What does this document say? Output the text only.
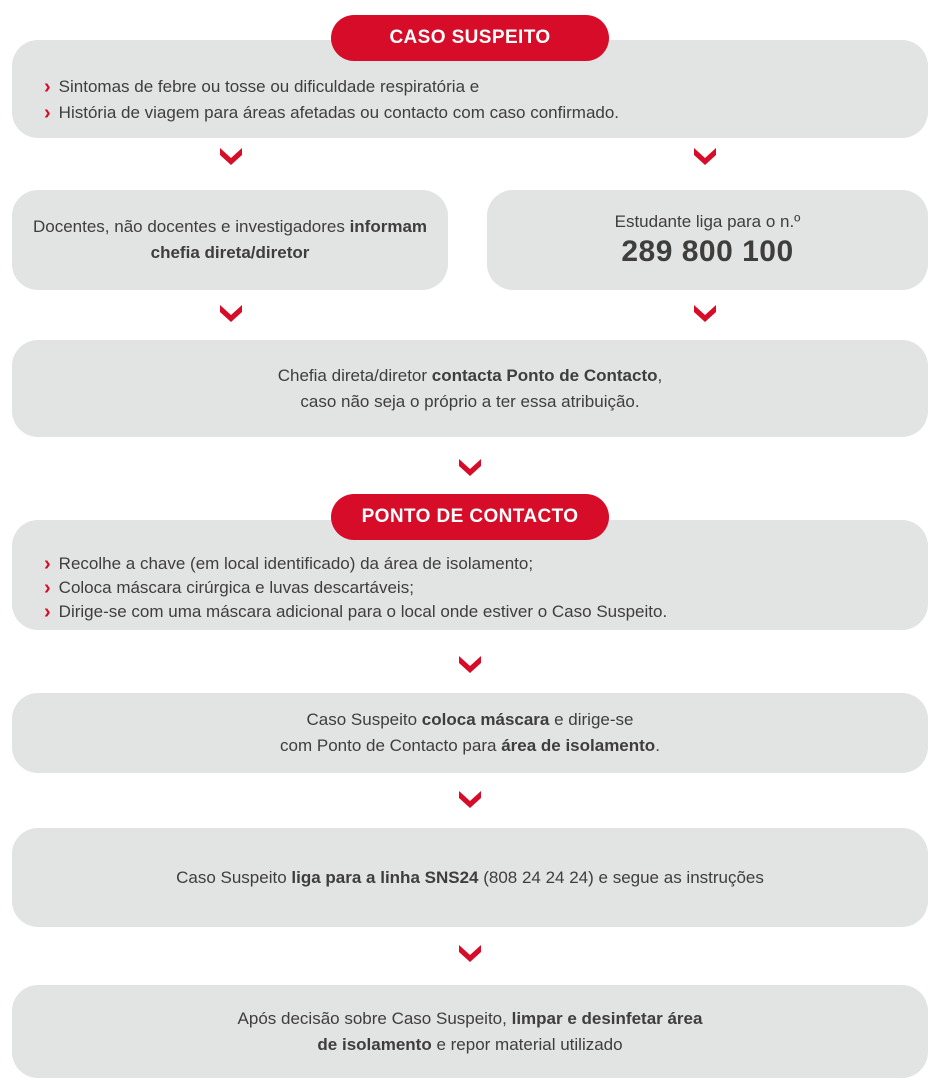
CASO SUSPEITO
› Sintomas de febre ou tosse ou dificuldade respiratória e
› História de viagem para áreas afetadas ou contacto com caso confirmado.
Docentes, não docentes e investigadores informam
chefia direta/diretor
Estudante liga para o n.º
289 800 100
Chefia direta/diretor contacta Ponto de Contacto,
caso não seja o próprio a ter essa atribuição.
PONTO DE CONTACTO
› Recolhe a chave (em local identificado) da área de isolamento;
› Coloca máscara cirúrgica e luvas descartáveis;
› Dirige-se com uma máscara adicional para o local onde estiver o Caso Suspeito.
Caso Suspeito coloca máscara e dirige-se
com Ponto de Contacto para área de isolamento.
Caso Suspeito liga para a linha SNS24 (808 24 24 24) e segue as instruções
Após decisão sobre Caso Suspeito, limpar e desinfetar área
de isolamento e repor material utilizado
